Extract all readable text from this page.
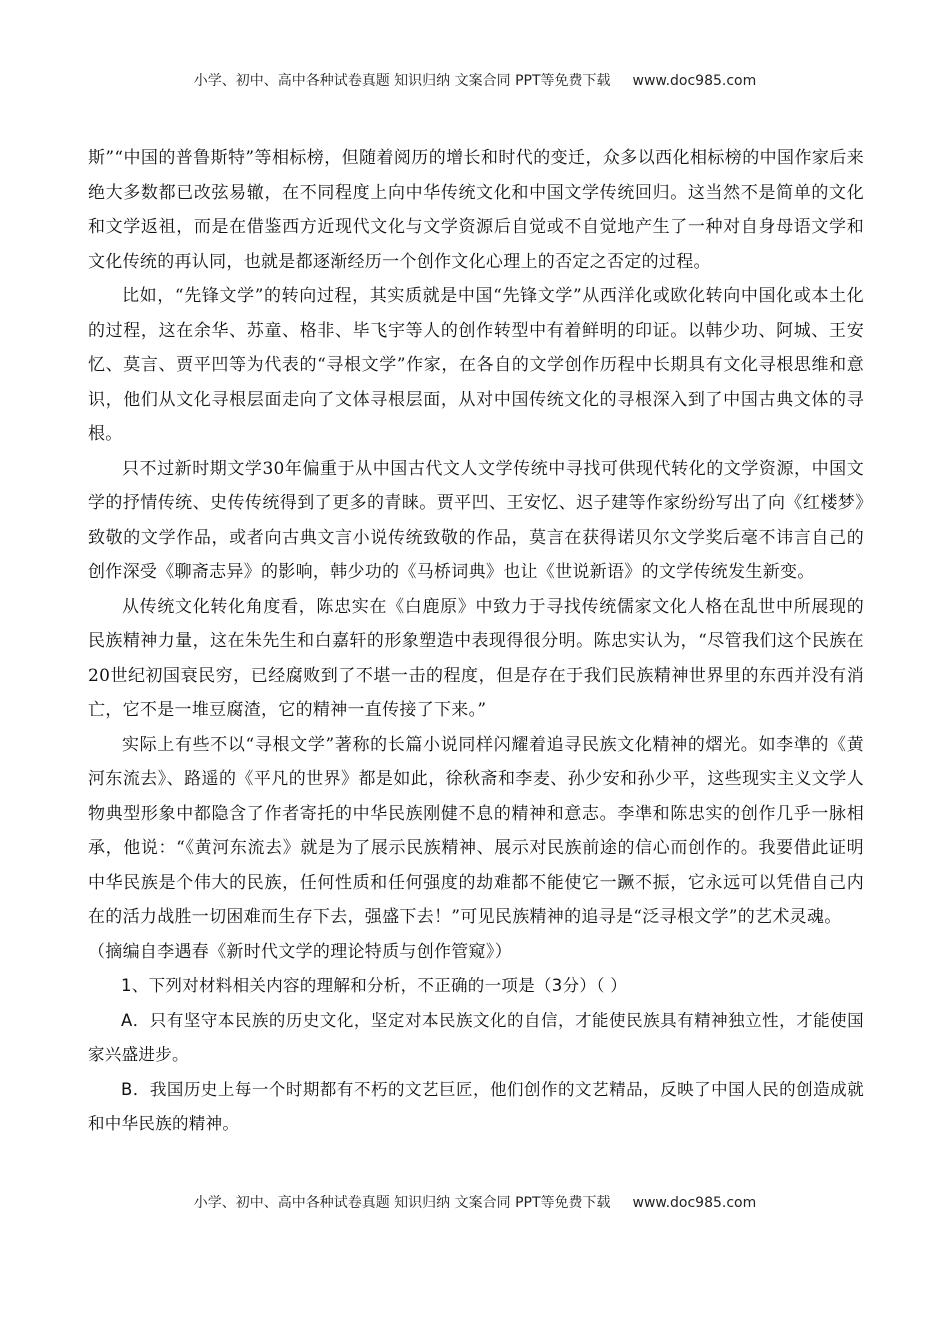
小学、初中、高中各种试卷真题 知识归纳 文案合同 PPT等免费下载 www.doc985.com

斯”“中国的普鲁斯特”等相标榜，但随着阅历的增长和时代的变迁，众多以西化相标榜的中国作家后来绝大多数都已改弦易辙，在不同程度上向中华传统文化和中国文学传统回归。这当然不是简单的文化和文学返祖，而是在借鉴西方近现代文化与文学资源后自觉或不自觉地产生了一种对自身母语文学和文化传统的再认同，也就是都逐渐经历一个创作文化心理上的否定之否定的过程。

比如，“先锋文学”的转向过程，其实质就是中国“先锋文学”从西洋化或欧化转向中国化或本土化的过程，这在余华、苏童、格非、毕飞宇等人的创作转型中有着鲜明的印证。以韩少功、阿城、王安忆、莫言、贾平凹等为代表的“寻根文学”作家，在各自的文学创作历程中长期具有文化寻根思维和意识，他们从文化寻根层面走向了文体寻根层面，从对中国传统文化的寻根深入到了中国古典文体的寻根。

只不过新时期文学30年偏重于从中国古代文人文学传统中寻找可供现代转化的文学资源，中国文学的抒情传统、史传传统得到了更多的青睐。贾平凹、王安忆、迟子建等作家纷纷写出了向《红楼梦》致敬的文学作品，或者向古典文言小说传统致敬的作品，莫言在获得诺贝尔文学奖后毫不讳言自己的创作深受《聊斋志异》的影响，韩少功的《马桥词典》也让《世说新语》的文学传统发生新变。

从传统文化转化角度看，陈忠实在《白鹿原》中致力于寻找传统儒家文化人格在乱世中所展现的民族精神力量，这在朱先生和白嘉轩的形象塑造中表现得很分明。陈忠实认为，“尽管我们这个民族在20世纪初国衰民穷，已经腐败到了不堪一击的程度，但是存在于我们民族精神世界里的东西并没有消亡，它不是一堆豆腐渣，它的精神一直传接了下来。”

实际上有些不以“寻根文学”著称的长篇小说同样闪耀着追寻民族文化精神的熠光。如李凖的《黄河东流去》、路遥的《平凡的世界》都是如此，徐秋斋和李麦、孙少安和孙少平，这些现实主义文学人物典型形象中都隐含了作者寄托的中华民族刚健不息的精神和意志。李凖和陈忠实的创作几乎一脉相承，他说：“《黄河东流去》就是为了展示民族精神、展示对民族前途的信心而创作的。我要借此证明中华民族是个伟大的民族，任何性质和任何强度的劫难都不能使它一蹶不振，它永远可以凭借自己内在的活力战胜一切困难而生存下去，强盛下去！”可见民族精神的追寻是“泛寻根文学”的艺术灵魂。

（摘编自李遇春《新时代文学的理论特质与创作管窥》）

1、下列对材料相关内容的理解和分析，不正确的一项是（3分）（ ）

A．只有坚守本民族的历史文化，坚定对本民族文化的自信，才能使民族具有精神独立性，才能使国家兴盛进步。

B．我国历史上每一个时期都有不朽的文艺巨匠，他们创作的文艺精品，反映了中国人民的创造成就和中华民族的精神。

小学、初中、高中各种试卷真题 知识归纳 文案合同 PPT等免费下载 www.doc985.com
